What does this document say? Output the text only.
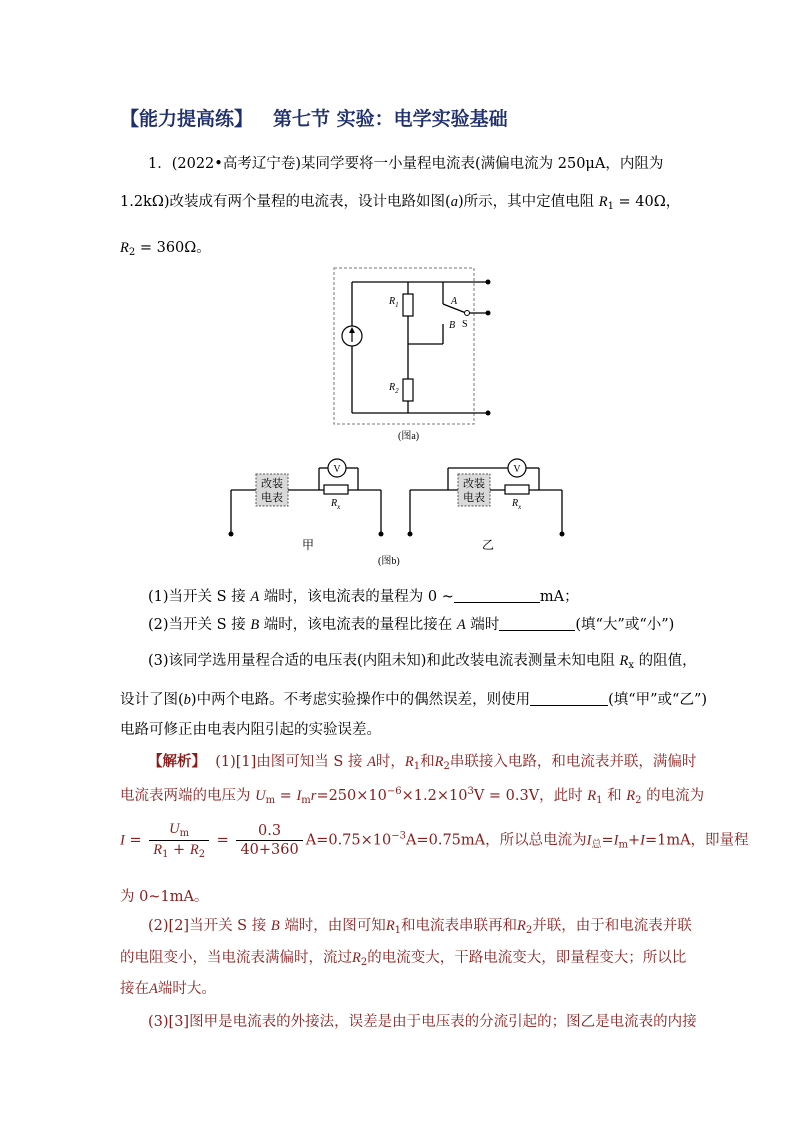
【能力提高练】 第七节 实验：电学实验基础
1．(2022•高考辽宁卷)某同学要将一小量程电流表(满偏电流为 250μA，内阻为
1.2kΩ)改装成有两个量程的电流表，设计电路如图(a)所示，其中定值电阻 $R_1 = 40\Omega$，
$R_2 = 360\Omega$。
$R_1$
$R_2$
A
B S
(图a)
改装
电表
V
$R_x$
改装
电表
V
$R_x$
甲	乙
(图b)
(1)当开关 S 接 A 端时，该电流表的量程为 0 ~	mA；
(2)当开关 S 接 B 端时，该电流表的量程比接在 A 端时	(填“大”或“小”)
(3)该同学选用量程合适的电压表(内阻未知)和此改装电流表测量未知电阻 $R_x$ 的阻值，
设计了图(b)中两个电路。不考虑实验操作中的偶然误差，则使用	(填“甲”或“乙”)
电路可修正由电表内阻引起的实验误差。
【解析】 (1)[1]由图可知当 S 接 A时，$R_1$和$R_2$串联接入电路，和电流表并联，满偏时
电流表两端的电压为 $U_m = I_mr=250\times 10^{-6}\times 1.2\times 10^3V = 0.3V$，此时 $R_1$ 和 $R_2$ 的电流为
$I = \frac{U_m}{R_1 + R_2} = \frac{0.3}{40+360} A=0.75\times 10^{-3}A=0.75mA$，所以总电流为$I_总=I_m+I=1mA$，即量程
为 0~1mA。
(2)[2]当开关 S 接 B 端时，由图可知$R_1$和电流表串联再和$R_2$并联，由于和电流表并联
的电阻变小，当电流表满偏时，流过$R_2$的电流变大，干路电流变大，即量程变大；所以比
接在A端时大。
(3)[3]图甲是电流表的外接法，误差是由于电压表的分流引起的；图乙是电流表的内接
